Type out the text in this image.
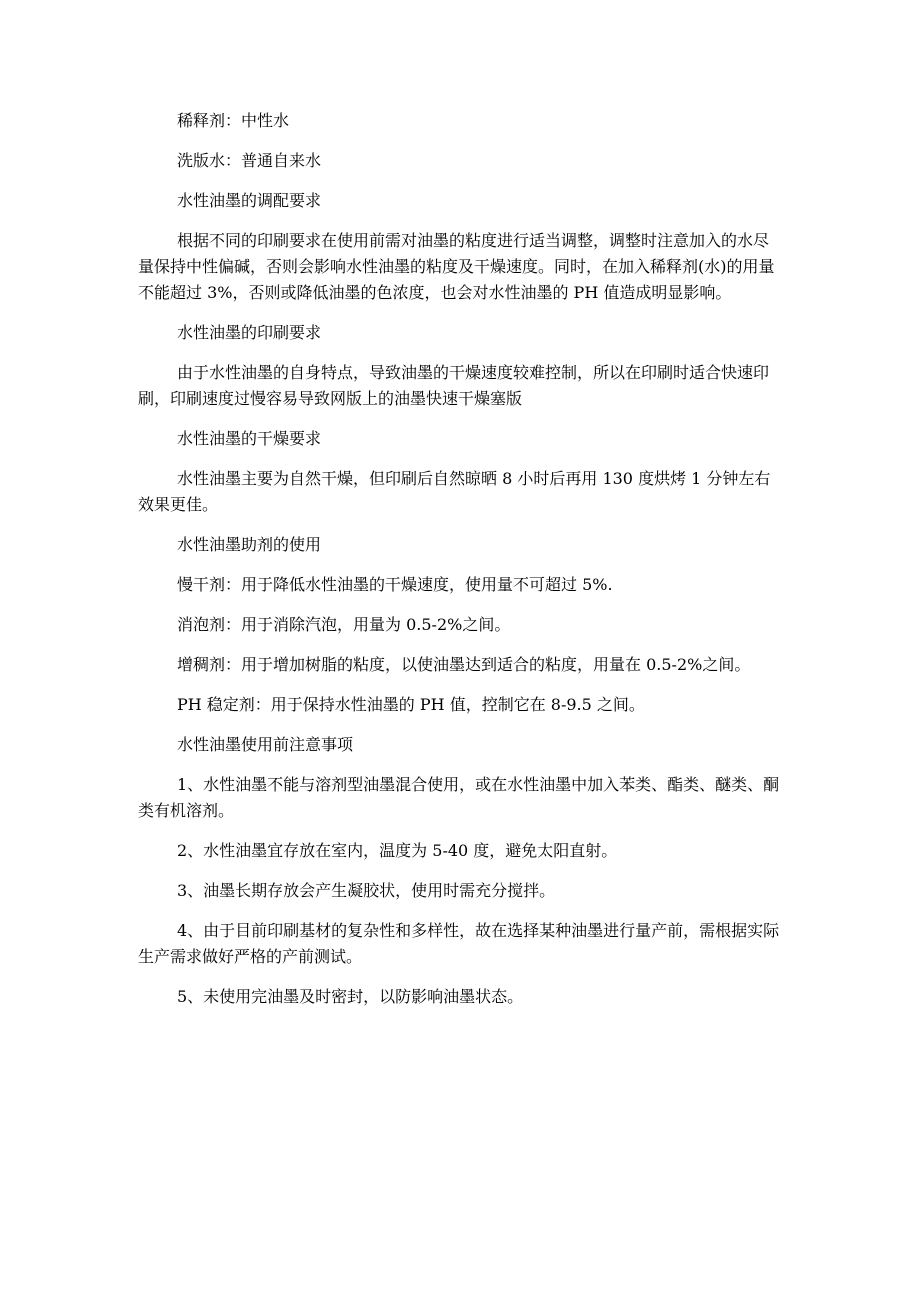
稀释剂：中性水

洗版水：普通自来水

水性油墨的调配要求

根据不同的印刷要求在使用前需对油墨的粘度进行适当调整，调整时注意加入的水尽量保持中性偏碱，否则会影响水性油墨的粘度及干燥速度。同时，在加入稀释剂(水)的用量不能超过 3%，否则或降低油墨的色浓度，也会对水性油墨的 PH 值造成明显影响。

水性油墨的印刷要求

由于水性油墨的自身特点，导致油墨的干燥速度较难控制，所以在印刷时适合快速印刷，印刷速度过慢容易导致网版上的油墨快速干燥塞版

水性油墨的干燥要求

水性油墨主要为自然干燥，但印刷后自然晾晒 8 小时后再用 130 度烘烤 1 分钟左右效果更佳。

水性油墨助剂的使用

慢干剂：用于降低水性油墨的干燥速度，使用量不可超过 5%.

消泡剂：用于消除汽泡，用量为 0.5-2%之间。

增稠剂：用于增加树脂的粘度，以使油墨达到适合的粘度，用量在 0.5-2%之间。

PH 稳定剂：用于保持水性油墨的 PH 值，控制它在 8-9.5 之间。

水性油墨使用前注意事项

1、水性油墨不能与溶剂型油墨混合使用，或在水性油墨中加入苯类、酯类、醚类、酮类有机溶剂。

2、水性油墨宜存放在室内，温度为 5-40 度，避免太阳直射。

3、油墨长期存放会产生凝胶状，使用时需充分搅拌。

4、由于目前印刷基材的复杂性和多样性，故在选择某种油墨进行量产前，需根据实际生产需求做好严格的产前测试。

5、未使用完油墨及时密封，以防影响油墨状态。
